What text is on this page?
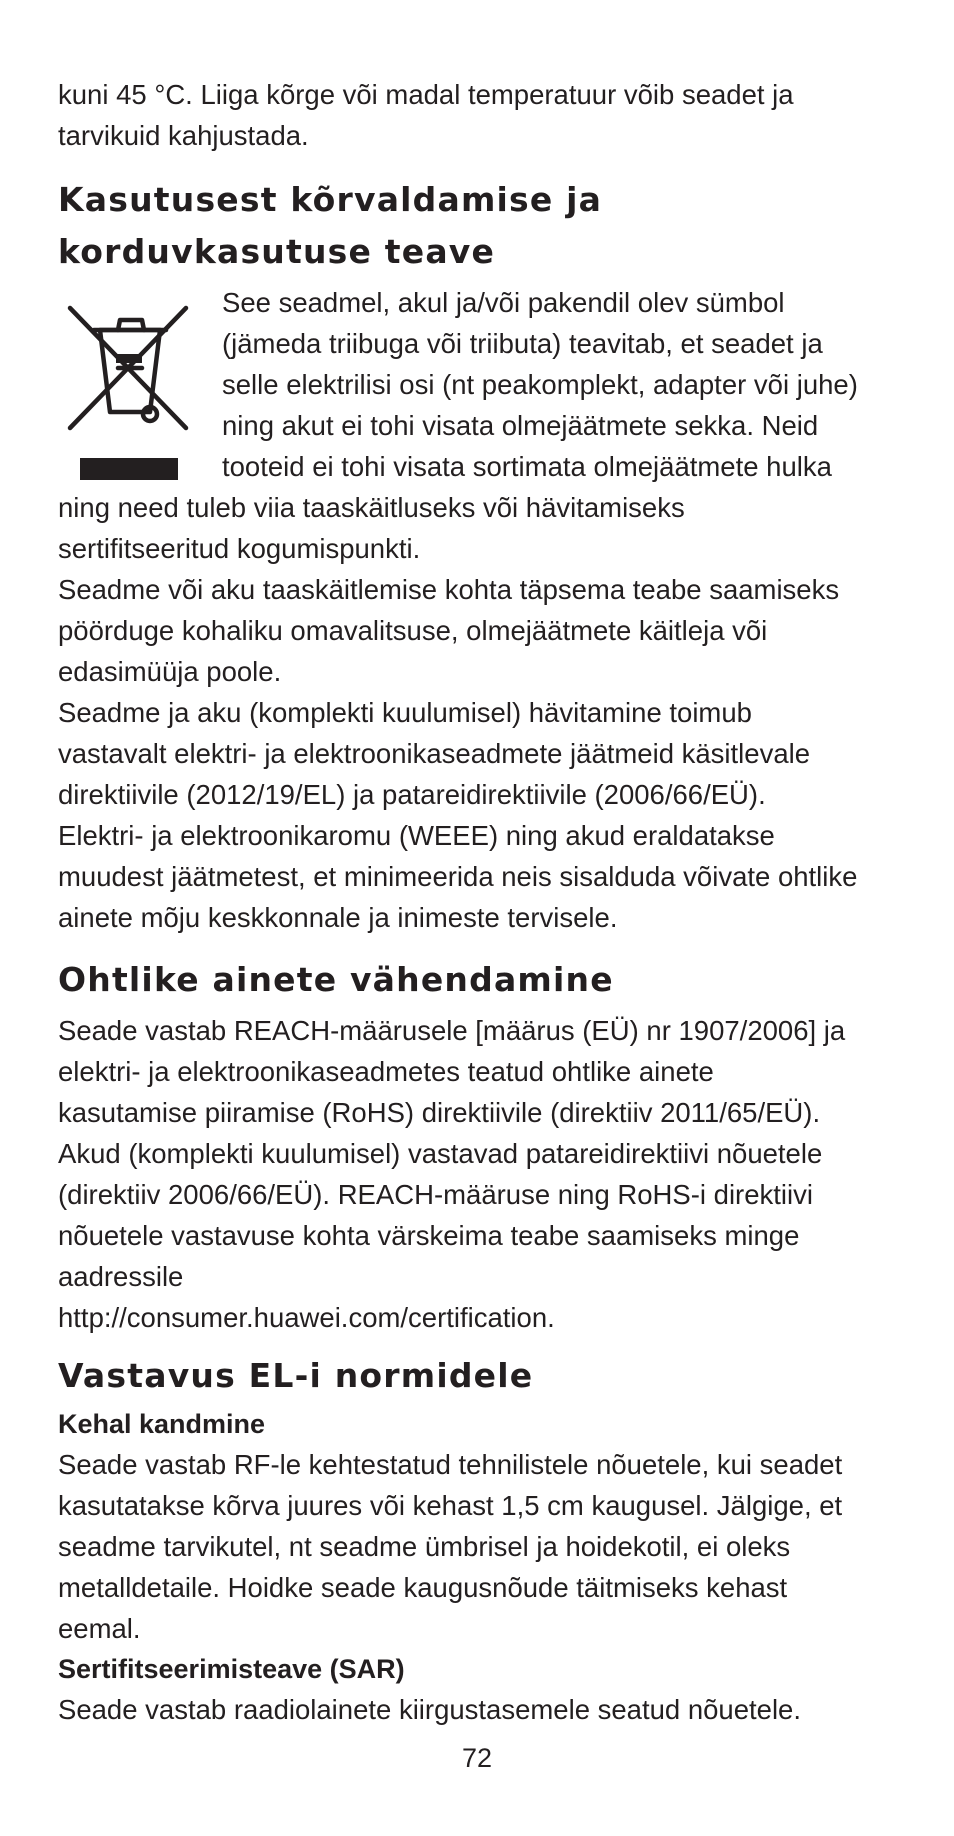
kuni 45 °C. Liiga kõrge või madal temperatuur võib seadet ja tarvikuid kahjustada.

Kasutusest kõrvaldamise ja korduvkasutuse teave

See seadmel, akul ja/või pakendil olev sümbol (jämeda triibuga või triibuta) teavitab, et seadet ja selle elektrilisi osi (nt peakomplekt, adapter või juhe) ning akut ei tohi visata olmejäätmete sekka. Neid tooteid ei tohi visata sortimata olmejäätmete hulka ning need tuleb viia taaskäitluseks või hävitamiseks sertifitseeritud kogumispunkti.

Seadme või aku taaskäitlemise kohta täpsema teabe saamiseks pöörduge kohaliku omavalitsuse, olmejäätmete käitleja või edasimüüja poole.

Seadme ja aku (komplekti kuulumisel) hävitamine toimub vastavalt elektri- ja elektroonikaseadmete jäätmeid käsitlevale direktiivile (2012/19/EL) ja patareidirektiivile (2006/66/EÜ). Elektri- ja elektroonikaromu (WEEE) ning akud eraldatakse muudest jäätmetest, et minimeerida neis sisalduda võivate ohtlike ainete mõju keskkonnale ja inimeste tervisele.

Ohtlike ainete vähendamine

Seade vastab REACH-määrusele [määrus (EÜ) nr 1907/2006] ja elektri- ja elektroonikaseadmetes teatud ohtlike ainete kasutamise piiramise (RoHS) direktiivile (direktiiv 2011/65/EÜ). Akud (komplekti kuulumisel) vastavad patareidirektiivi nõuetele (direktiiv 2006/66/EÜ). REACH-määruse ning RoHS-i direktiivi nõuetele vastavuse kohta värskeima teabe saamiseks minge aadressile

http://consumer.huawei.com/certification.

Vastavus EL-i normidele
Kehal kandmine

Seade vastab RF-le kehtestatud tehnilistele nõuetele, kui seadet kasutatakse kõrva juures või kehast 1,5 cm kaugusel. Jälgige, et seadme tarvikutel, nt seadme ümbrisel ja hoidekotil, ei oleks metalldetaile. Hoidke seade kaugusnõude täitmiseks kehast eemal.

Sertifitseerimisteave (SAR)

Seade vastab raadiolainete kiirgustasemele seatud nõuetele.

72
